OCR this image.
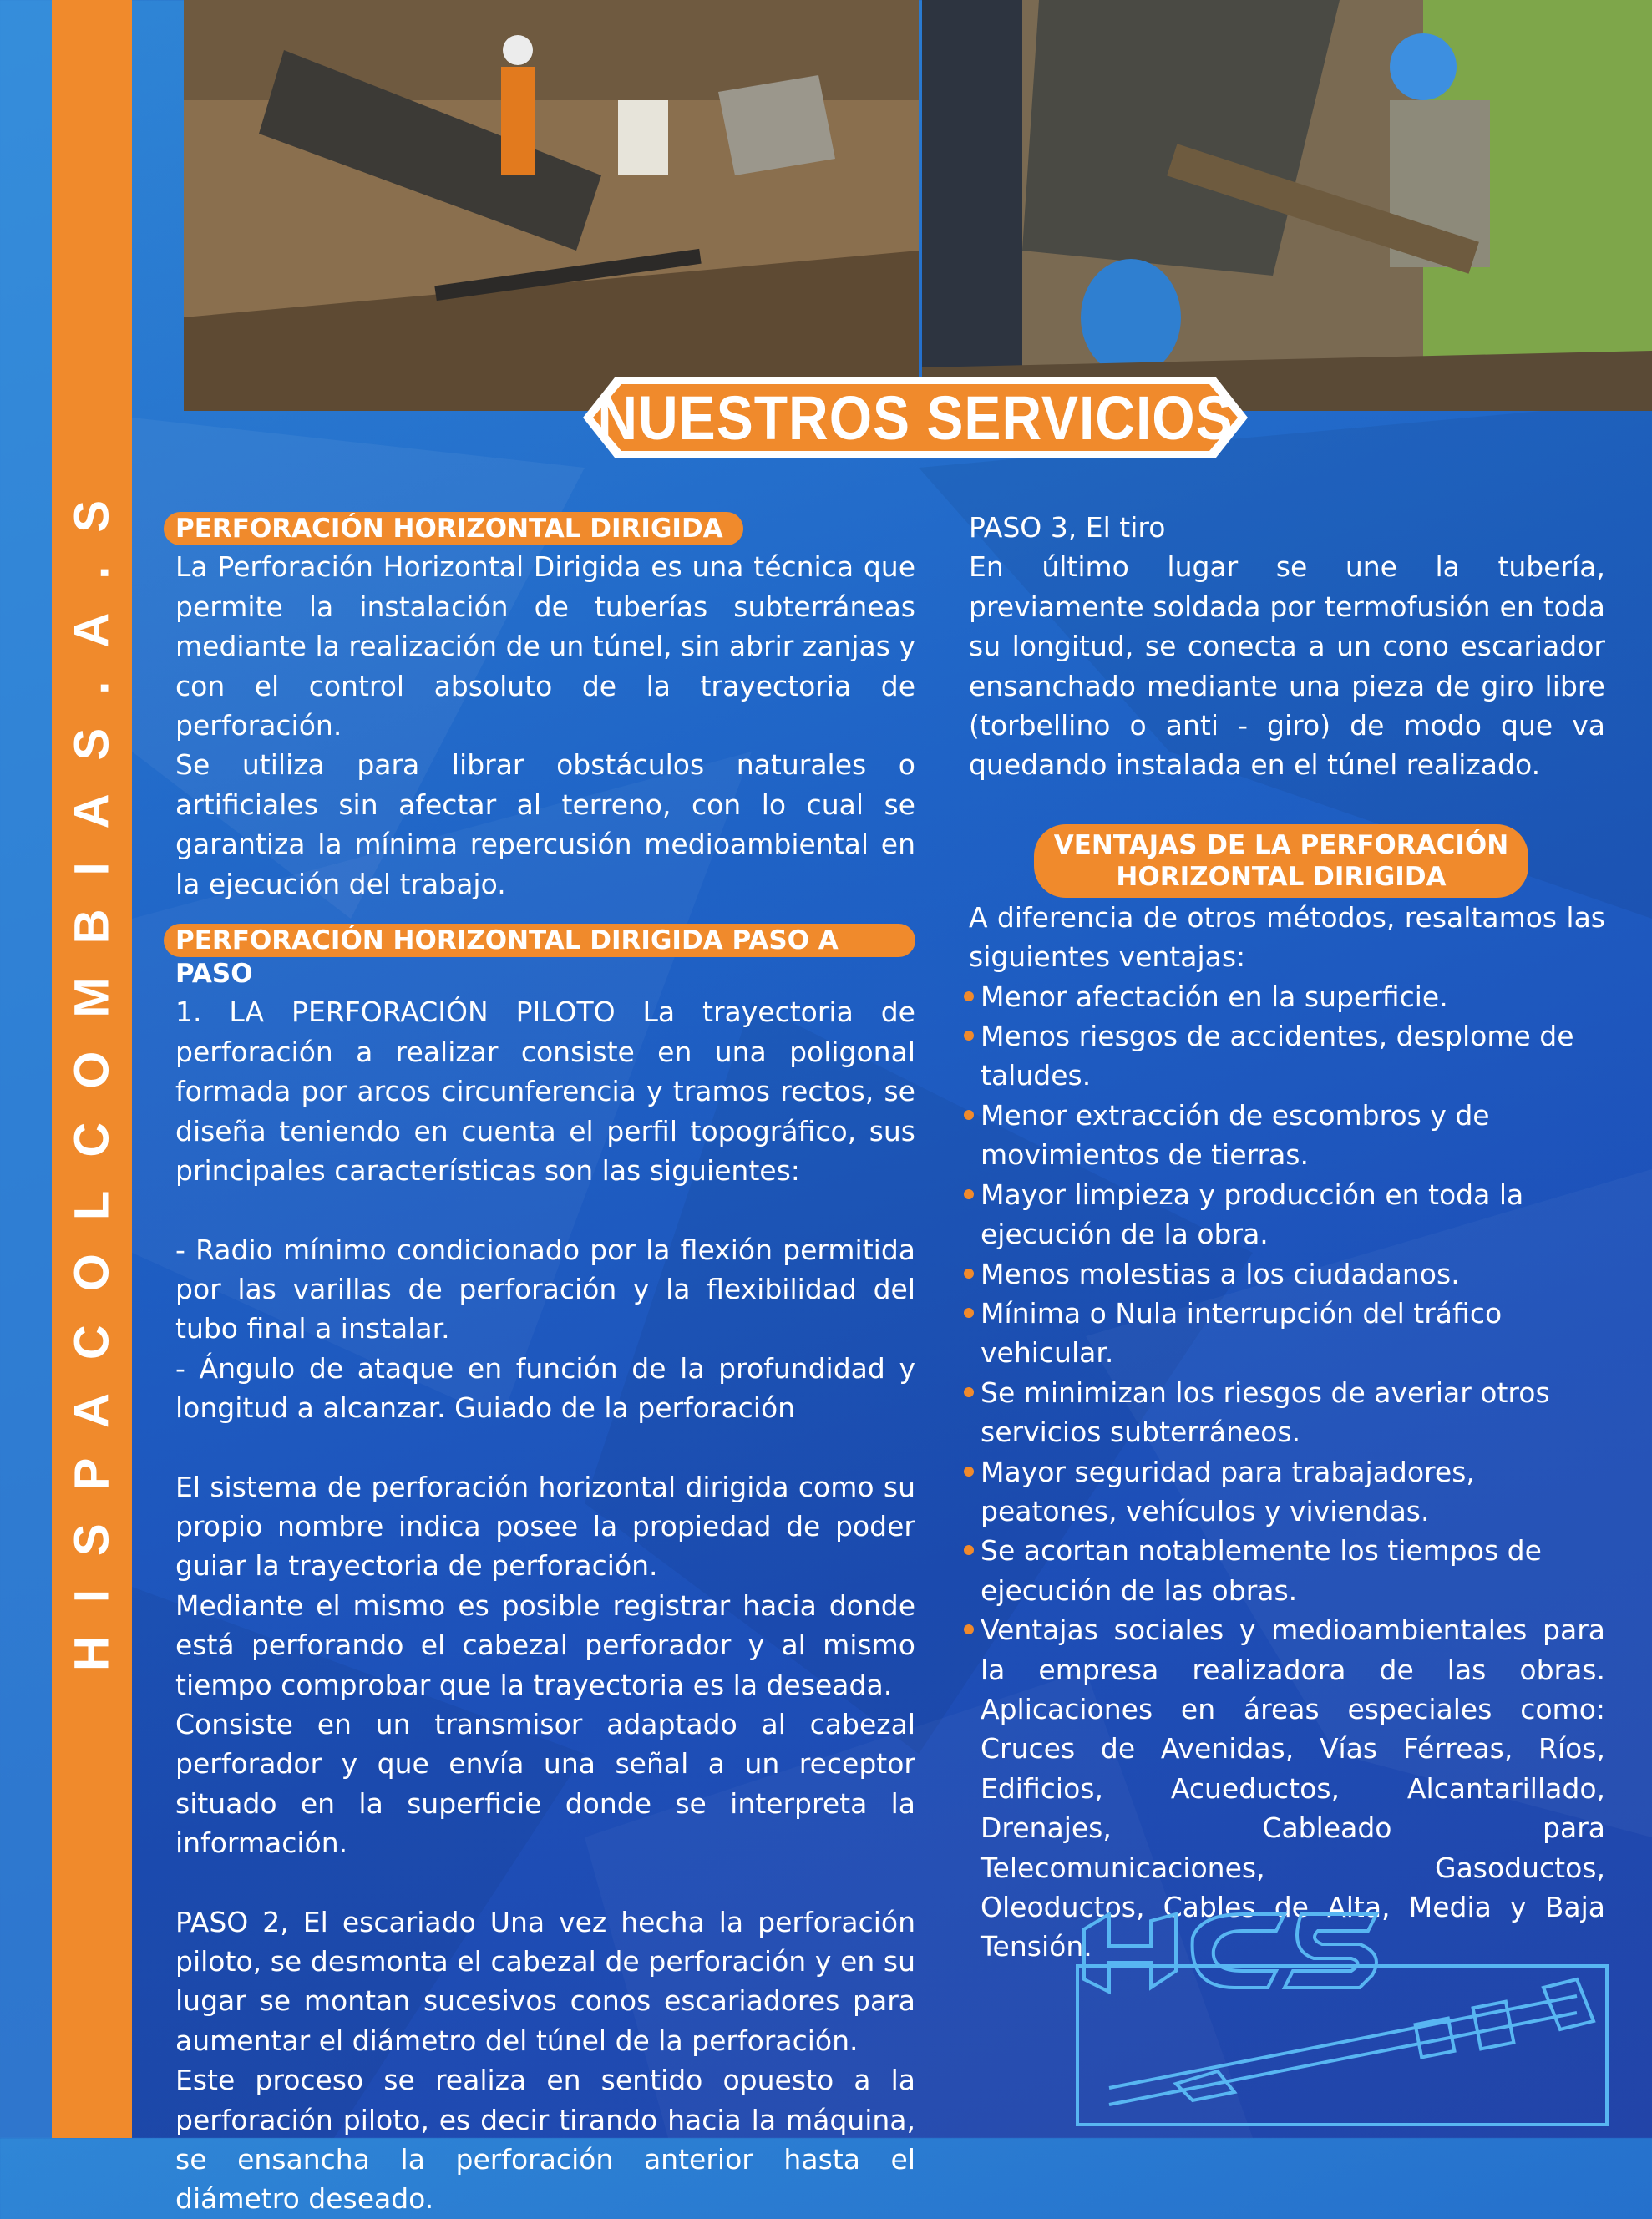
HISPACOLCOMBIAS.A.S
NUESTROS SERVICIOS
PERFORACIÓN HORIZONTAL DIRIGIDA

La Perforación Horizontal Dirigida es una técnica que permite la instalación de tuberías subterráneas mediante la realización de un túnel, sin abrir zanjas y con el control absoluto de la trayectoria de perforación.

Se utiliza para librar obstáculos naturales o artificiales sin afectar al terreno, con lo cual se garantiza la mínima repercusión medioambiental en la ejecución del trabajo.

PERFORACIÓN HORIZONTAL DIRIGIDA PASO A PASO

1. LA PERFORACIÓN PILOTO La trayectoria de perforación a realizar consiste en una poligonal formada por arcos circunferencia y tramos rectos, se diseña teniendo en cuenta el perfil topográfico, sus principales características son las siguientes:

- Radio mínimo condicionado por la flexión permitida por las varillas de perforación y la flexibilidad del tubo final a instalar.

- Ángulo de ataque en función de la profundidad y longitud a alcanzar. Guiado de la perforación

El sistema de perforación horizontal dirigida como su propio nombre indica posee la propiedad de poder guiar la trayectoria de perforación.

Mediante el mismo es posible registrar hacia donde está perforando el cabezal perforador y al mismo tiempo comprobar que la trayectoria es la deseada.

Consiste en un transmisor adaptado al cabezal perforador y que envía una señal a un receptor situado en la superficie donde se interpreta la información.

PASO 2, El escariado Una vez hecha la perforación piloto, se desmonta el cabezal de perforación y en su lugar se montan sucesivos conos escariadores para aumentar el diámetro del túnel de la perforación.

Este proceso se realiza en sentido opuesto a la perforación piloto, es decir tirando hacia la máquina, se ensancha la perforación anterior hasta el diámetro deseado.

PASO 3, El tiro

En último lugar se une la tubería, previamente soldada por termofusión en toda su longitud, se conecta a un cono escariador ensanchado mediante una pieza de giro libre (torbellino o anti - giro) de modo que va quedando instalada en el túnel realizado.

VENTAJAS DE LA PERFORACIÓN HORIZONTAL DIRIGIDA

A diferencia de otros métodos, resaltamos las siguientes ventajas:

Menor afectación en la superficie.
Menos riesgos de accidentes, desplome de taludes.
Menor extracción de escombros y de movimientos de tierras.
Mayor limpieza y producción en toda la ejecución de la obra.
Menos molestias a los ciudadanos.
Mínima o Nula interrupción del tráfico vehicular.
Se minimizan los riesgos de averiar otros servicios subterráneos.
Mayor seguridad para trabajadores, peatones, vehículos y viviendas.
Se acortan notablemente los tiempos de ejecución de las obras.
Ventajas sociales y medioambientales para la empresa realizadora de las obras. Aplicaciones en áreas especiales como: Cruces de Avenidas, Vías Férreas, Ríos, Edificios, Acueductos, Alcantarillado, Drenajes, Cableado para Telecomunicaciones, Gasoductos, Oleoductos, Cables de Alta, Media y Baja Tensión.
